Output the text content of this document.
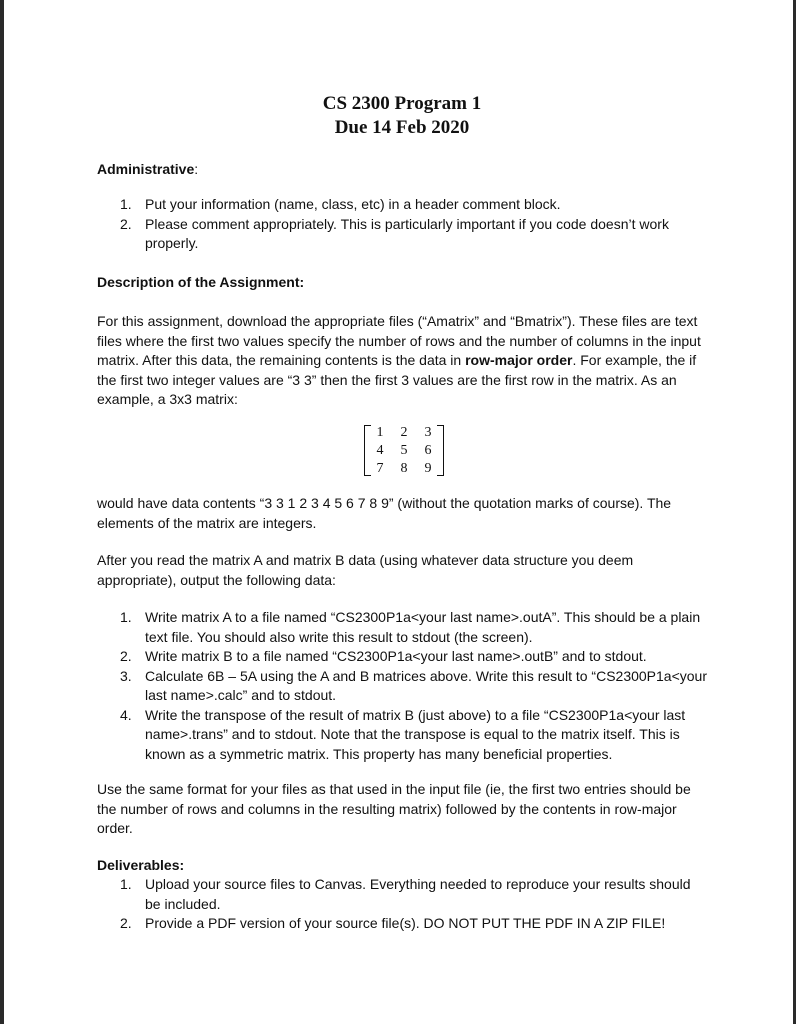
CS 2300 Program 1
Due 14 Feb 2020
Administrative:
1. Put your information (name, class, etc) in a header comment block.
2. Please comment appropriately. This is particularly important if you code doesn’t work properly.
Description of the Assignment:

For this assignment, download the appropriate files (“Amatrix” and “Bmatrix”). These files are text files where the first two values specify the number of rows and the number of columns in the input matrix. After this data, the remaining contents is the data in row-major order. For example, the if the first two integer values are “3 3” then the first 3 values are the first row in the matrix. As an example, a 3x3 matrix:

1	2	3
4	5	6
7	8	9

would have data contents “3 3 1 2 3 4 5 6 7 8 9” (without the quotation marks of course). The elements of the matrix are integers.

After you read the matrix A and matrix B data (using whatever data structure you deem appropriate), output the following data:

1. Write matrix A to a file named “CS2300P1a<your last name>.outA”. This should be a plain text file. You should also write this result to stdout (the screen).
2. Write matrix B to a file named “CS2300P1a<your last name>.outB” and to stdout.
3. Calculate 6B – 5A using the A and B matrices above. Write this result to “CS2300P1a<your last name>.calc” and to stdout.
4. Write the transpose of the result of matrix B (just above) to a file “CS2300P1a<your last name>.trans” and to stdout. Note that the transpose is equal to the matrix itself. This is known as a symmetric matrix. This property has many beneficial properties.

Use the same format for your files as that used in the input file (ie, the first two entries should be the number of rows and columns in the resulting matrix) followed by the contents in row-major order.

Deliverables:
1. Upload your source files to Canvas. Everything needed to reproduce your results should be included.
2. Provide a PDF version of your source file(s). DO NOT PUT THE PDF IN A ZIP FILE!
